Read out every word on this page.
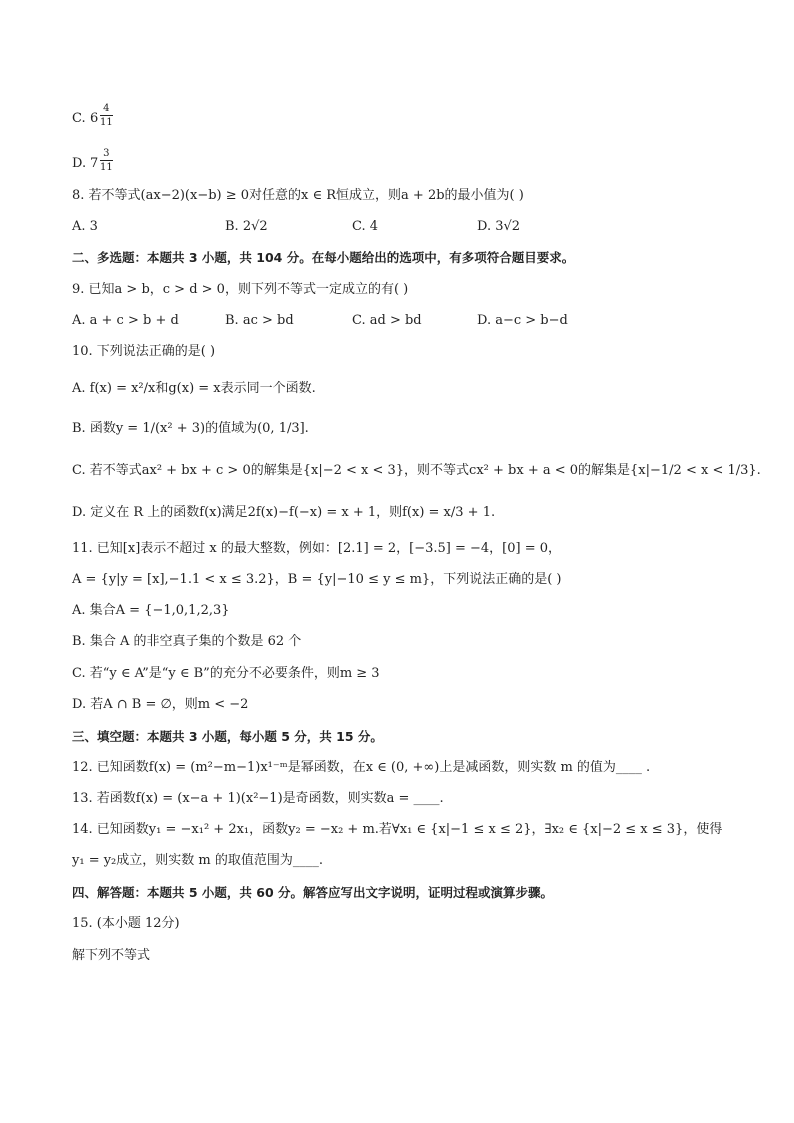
C. $6 \frac{4}{11}$
D. $7 \frac{3}{11}$
8. 若不等式(ax−2)(x−b) ≥ 0对任意的x ∈ R恒成立，则a + 2b的最小值为( )
A. 3	B. 2√2	C. 4	D. 3√2
二、多选题：本题共 3 小题，共 104 分。在每小题给出的选项中，有多项符合题目要求。
9. 已知a > b，c > d > 0，则下列不等式一定成立的有( )
A. a + c > b + d	B. ac > bd	C. ad > bd	D. a−c > b−d
10. 下列说法正确的是( )
A. f(x) = x²/x和g(x) = x表示同一个函数.
B. 函数y = 1/(x² + 3)的值域为(0, 1/3].
C. 若不等式ax² + bx + c > 0的解集是{x|−2 < x < 3}，则不等式cx² + bx + a < 0的解集是{x|−1/2 < x < 1/3}.
D. 定义在 R 上的函数f(x)满足2f(x)−f(−x) = x + 1，则f(x) = x/3 + 1.
11. 已知[x]表示不超过 x 的最大整数，例如：[2.1] = 2，[−3.5] = −4，[0] = 0，
A = {y|y = [x],−1.1 < x ≤ 3.2}，B = {y|−10 ≤ y ≤ m}，下列说法正确的是( )
A. 集合A = {−1,0,1,2,3}
B. 集合 A 的非空真子集的个数是 62 个
C. 若“y ∈ A”是“y ∈ B”的充分不必要条件，则m ≥ 3
D. 若A ∩ B = ∅，则m < −2
三、填空题：本题共 3 小题，每小题 5 分，共 15 分。
12. 已知函数f(x) = (m²−m−1)x¹⁻ᵐ是幂函数，在x ∈ (0, +∞)上是减函数，则实数 m 的值为____ .
13. 若函数f(x) = (x−a + 1)(x²−1)是奇函数，则实数a = ____.
14. 已知函数y₁ = −x₁² + 2x₁，函数y₂ = −x₂ + m.若∀x₁ ∈ {x|−1 ≤ x ≤ 2}，∃x₂ ∈ {x|−2 ≤ x ≤ 3}，使得
y₁ = y₂成立，则实数 m 的取值范围为____.
四、解答题：本题共 5 小题，共 60 分。解答应写出文字说明，证明过程或演算步骤。
15. (本小题 12分)
解下列不等式
